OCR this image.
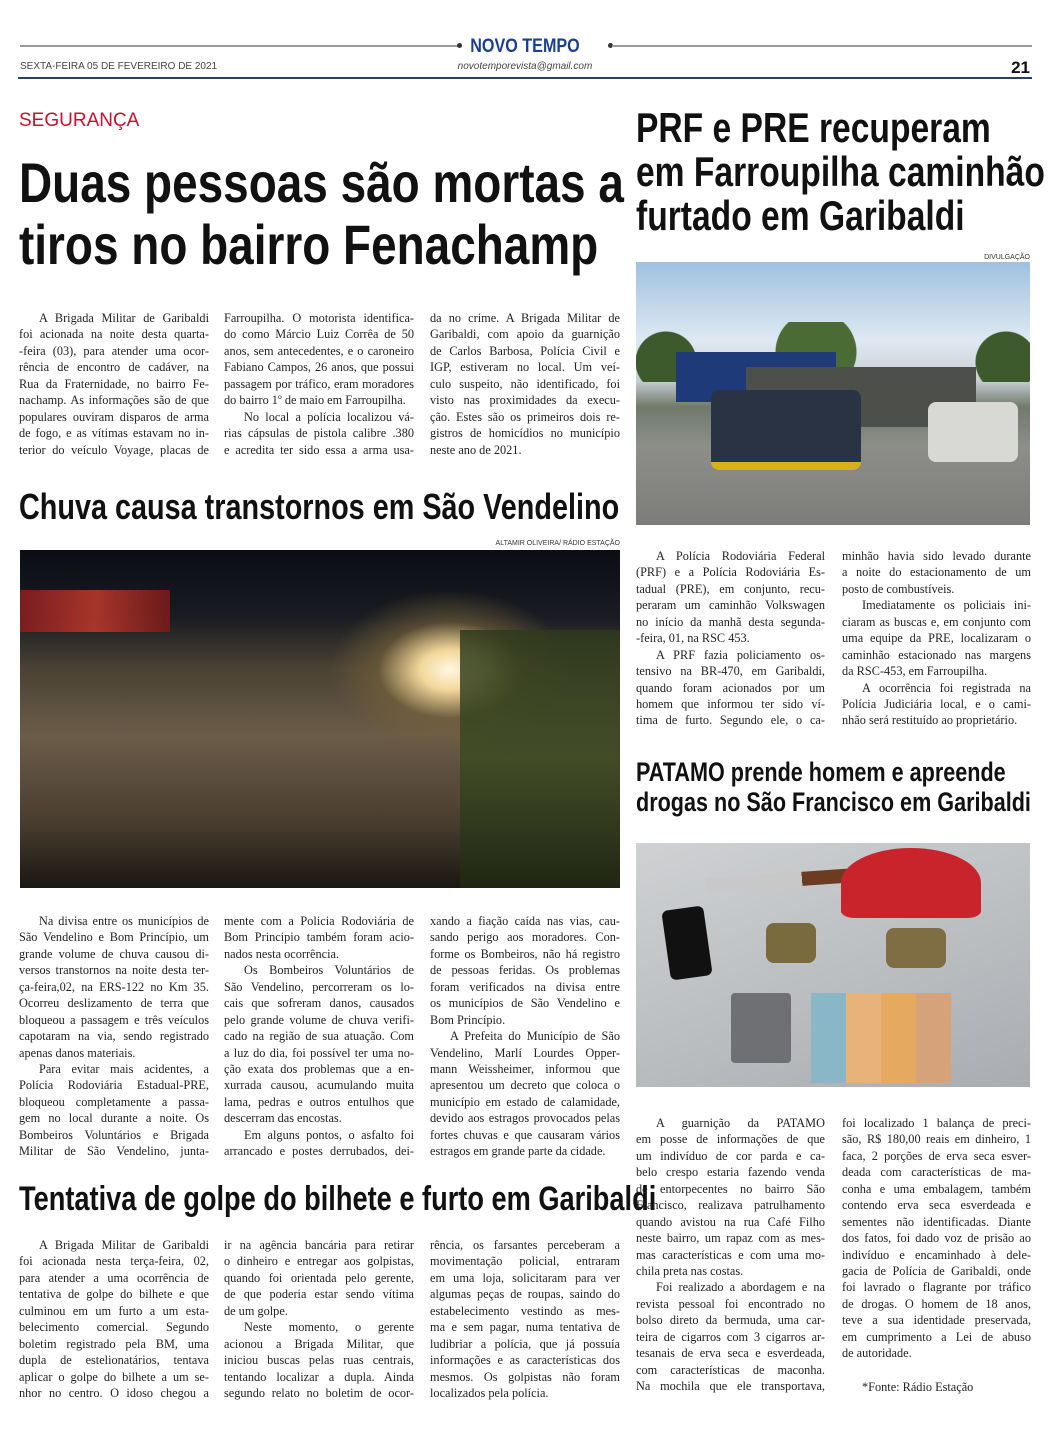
NOVO TEMPO
SEXTA-FEIRA 05 DE FEVEREIRO DE 2021	novotemporevista@gmail.com	21
SEGURANÇA
Duas pessoas são mortas a
tiros no bairro Fenachamp
A Brigada Militar de Garibaldi
foi acionada na noite desta quarta-
-feira (03), para atender uma ocor-
rência de encontro de cadáver, na
Rua da Fraternidade, no bairro Fe-
nachamp. As informações são de que
populares ouviram disparos de arma
de fogo, e as vítimas estavam no in-
terior do veículo Voyage, placas de
Farroupilha. O motorista identifica-
do como Márcio Luiz Corrêa de 50
anos, sem antecedentes, e o caroneiro
Fabiano Campos, 26 anos, que possui
passagem por tráfico, eram moradores
do bairro 1º de maio em Farroupilha.
No local a polícia localizou vá-
rias cápsulas de pistola calibre .380
e acredita ter sido essa a arma usa-
da no crime. A Brigada Militar de
Garibaldi, com apoio da guarnição
de Carlos Barbosa, Polícia Civil e
IGP, estiveram no local. Um veí-
culo suspeito, não identificado, foi
visto nas proximidades da execu-
ção. Estes são os primeiros dois re-
gistros de homicídios no município
neste ano de 2021.
Chuva causa transtornos em São Vendelino
ALTAMIR OLIVEIRA/ RÁDIO ESTAÇÃO
Na divisa entre os municípios de
São Vendelino e Bom Princípio, um
grande volume de chuva causou di-
versos transtornos na noite desta ter-
ça-feira,02, na ERS-122 no Km 35.
Ocorreu deslizamento de terra que
bloqueou a passagem e três veículos
capotaram na via, sendo registrado
apenas danos materiais.
Para evitar mais acidentes, a
Polícia Rodoviária Estadual-PRE,
bloqueou completamente a passa-
gem no local durante a noite. Os
Bombeiros Voluntários e Brigada
Militar de São Vendelino, junta-
mente com a Policia Rodoviária de
Bom Principio também foram acio-
nados nesta ocorrência.
Os Bombeiros Voluntários de
São Vendelino, percorreram os lo-
cais que sofreram danos, causados
pelo grande volume de chuva verifi-
cado na região de sua atuação. Com
a luz do dia, foi possível ter uma no-
ção exata dos problemas que a en-
xurrada causou, acumulando muita
lama, pedras e outros entulhos que
descerram das encostas.
Em alguns pontos, o asfalto foi
arrancado e postes derrubados, dei-
xando a fiação caída nas vias, cau-
sando perigo aos moradores. Con-
forme os Bombeiros, não há registro
de pessoas feridas. Os problemas
foram verificados na divisa entre
os municípios de São Vendelino e
Bom Princípio.
A Prefeita do Município de São
Vendelino, Marlí Lourdes Opper-
mann Weissheimer, informou que
apresentou um decreto que coloca o
município em estado de calamidade,
devido aos estragos provocados pelas
fortes chuvas e que causaram vários
estragos em grande parte da cidade.
Tentativa de golpe do bilhete e furto em Garibaldi
A Brigada Militar de Garibaldi
foi acionada nesta terça-feira, 02,
para atender a uma ocorrência de
tentativa de golpe do bilhete e que
culminou em um furto a um esta-
belecimento comercial. Segundo
boletim registrado pela BM, uma
dupla de estelionatários, tentava
aplicar o golpe do bilhete a um se-
nhor no centro. O idoso chegou a
ir na agência bancária para retirar
o dinheiro e entregar aos golpistas,
quando foi orientada pelo gerente,
de que poderia estar sendo vítima
de um golpe.
Neste momento, o gerente
acionou a Brigada Militar, que
iniciou buscas pelas ruas centrais,
tentando localizar a dupla. Ainda
segundo relato no boletim de ocor-
rência, os farsantes perceberam a
movimentação policial, entraram
em uma loja, solicitaram para ver
algumas peças de roupas, saindo do
estabelecimento vestindo as mes-
ma e sem pagar, numa tentativa de
ludibriar a polícia, que já possuía
informações e as características dos
mesmos. Os golpistas não foram
localizados pela polícia.
PRF e PRE recuperam
em Farroupilha caminhão
furtado em Garibaldi
DIVULGAÇÃO
A Polícia Rodoviária Federal
(PRF) e a Polícia Rodoviária Es-
tadual (PRE), em conjunto, recu-
peraram um caminhão Volkswagen
no início da manhã desta segunda-
-feira, 01, na RSC 453.
A PRF fazia policiamento os-
tensivo na BR-470, em Garibaldi,
quando foram acionados por um
homem que informou ter sido ví-
tima de furto. Segundo ele, o ca-
minhão havia sido levado durante
a noite do estacionamento de um
posto de combustíveis.
Imediatamente os policiais ini-
ciaram as buscas e, em conjunto com
uma equipe da PRE, localizaram o
caminhão estacionado nas margens
da RSC-453, em Farroupilha.
A ocorrência foi registrada na
Polícia Judiciária local, e o cami-
nhão será restituído ao proprietário.
PATAMO prende homem e apreende
drogas no São Francisco em Garibaldi
A guarnição da PATAMO
em posse de informações de que
um indivíduo de cor parda e ca-
belo crespo estaria fazendo venda
de entorpecentes no bairro São
Francisco, realizava patrulhamento
quando avistou na rua Café Filho
neste bairro, um rapaz com as mes-
mas características e com uma mo-
chila preta nas costas.
Foi realizado a abordagem e na
revista pessoal foi encontrado no
bolso direto da bermuda, uma car-
teira de cigarros com 3 cigarros ar-
tesanais de erva seca e esverdeada,
com características de maconha.
Na mochila que ele transportava,
foi localizado 1 balança de preci-
são, R$ 180,00 reais em dinheiro, 1
faca, 2 porções de erva seca esver-
deada com características de ma-
conha e uma embalagem, também
contendo erva seca esverdeada e
sementes não identificadas. Diante
dos fatos, foi dado voz de prisão ao
indivíduo e encaminhado à dele-
gacia de Polícia de Garibaldi, onde
foi lavrado o flagrante por tráfico
de drogas. O homem de 18 anos,
teve a sua identidade preservada,
em cumprimento a Lei de abuso
de autoridade.
*Fonte: Rádio Estação
